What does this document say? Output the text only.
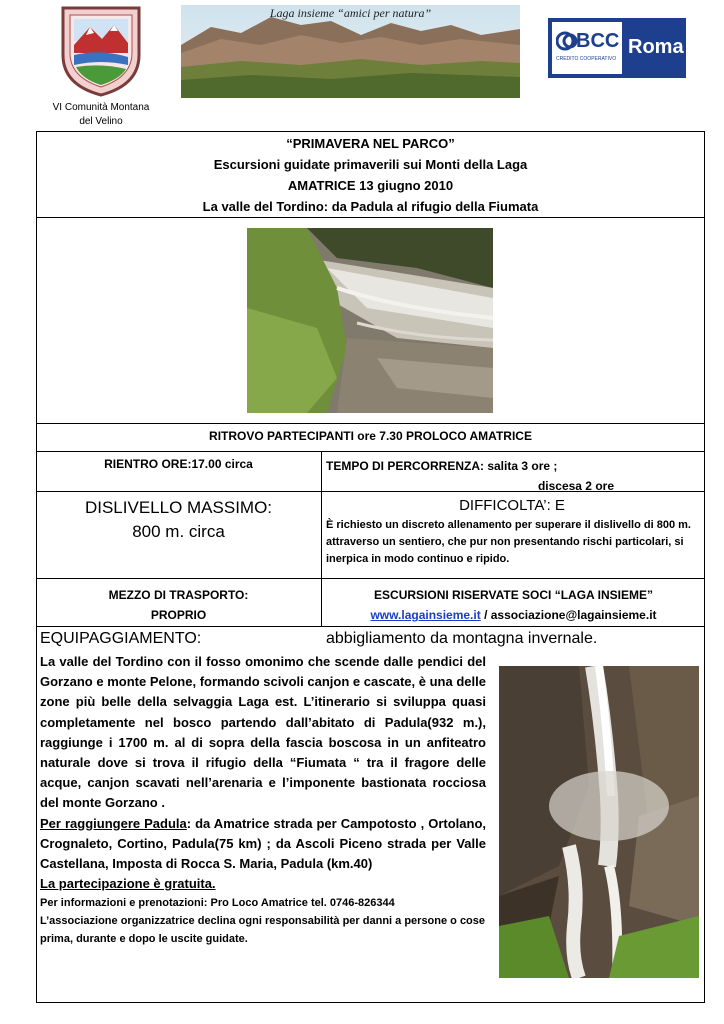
VI Comunità Montana
del Velino
Laga insieme “amici per natura”
BCC
CREDITO COOPERATIVO
Roma
“PRIMAVERA NEL PARCO”
Escursioni guidate primaverili sui Monti della Laga
AMATRICE 13 giugno 2010
La valle del Tordino: da Padula al rifugio della Fiumata
RITROVO PARTECIPANTI ore 7.30 PROLOCO AMATRICE
RIENTRO ORE:17.00 circa	TEMPO DI PERCORRENZA: salita 3 ore ;
discesa 2 ore
DISLIVELLO MASSIMO:
800 m. circa
DIFFICOLTA’: E
È richiesto un discreto allenamento per superare il dislivello di 800 m. attraverso un sentiero, che pur non presentando rischi particolari, si inerpica in modo continuo e ripido.
MEZZO DI TRASPORTO:
PROPRIO
ESCURSIONI RISERVATE SOCI “LAGA INSIEME”
www.lagainsieme.it / associazione@lagainsieme.it
EQUIPAGGIAMENTO:	abbigliamento da montagna invernale.
La valle del Tordino con il fosso omonimo che scende dalle pendici del Gorzano e monte Pelone, formando scivoli canjon e cascate, è una delle zone più belle della selvaggia Laga est. L’itinerario si sviluppa quasi completamente nel bosco partendo dall’abitato di Padula(932 m.), raggiunge i 1700 m. al di sopra della fascia boscosa in un anfiteatro naturale dove si trova il rifugio della “Fiumata “ tra il fragore delle acque, canjon scavati nell’arenaria e l’imponente bastionata rocciosa del monte Gorzano .
Per raggiungere Padula: da Amatrice strada per Campotosto , Ortolano, Crognaleto, Cortino, Padula(75 km) ; da Ascoli Piceno strada per Valle Castellana, Imposta di Rocca S. Maria, Padula (km.40)
La partecipazione è gratuita.
Per informazioni e prenotazioni: Pro Loco Amatrice tel. 0746-826344
L’associazione organizzatrice declina ogni responsabilità per danni a persone o cose prima, durante e dopo le uscite guidate.
